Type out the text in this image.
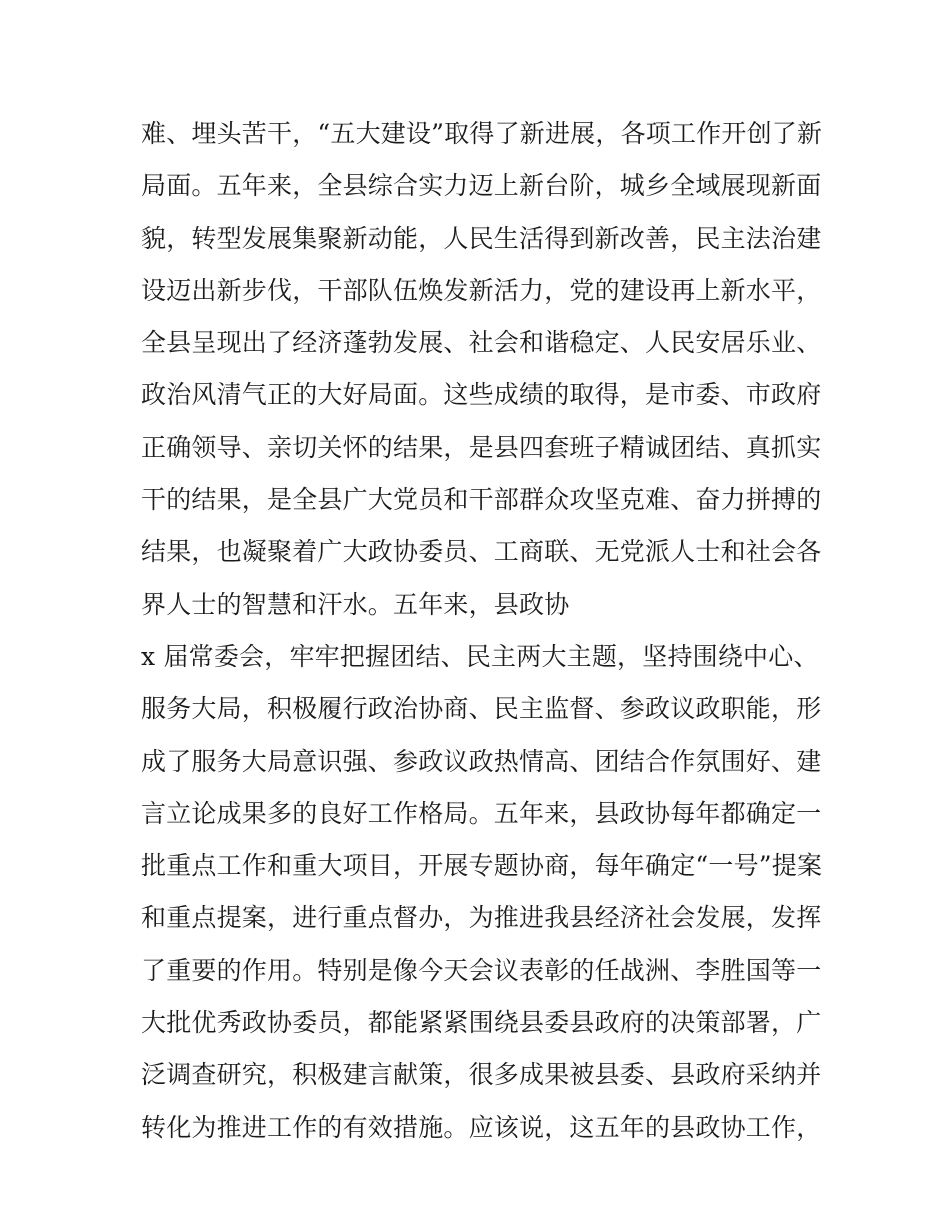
难、埋头苦干，“五大建设”取得了新进展，各项工作开创了新
局面。五年来，全县综合实力迈上新台阶，城乡全域展现新面
貌，转型发展集聚新动能，人民生活得到新改善，民主法治建
设迈出新步伐，干部队伍焕发新活力，党的建设再上新水平，
全县呈现出了经济蓬勃发展、社会和谐稳定、人民安居乐业、
政治风清气正的大好局面。这些成绩的取得，是市委、市政府
正确领导、亲切关怀的结果，是县四套班子精诚团结、真抓实
干的结果，是全县广大党员和干部群众攻坚克难、奋力拼搏的
结果，也凝聚着广大政协委员、工商联、无党派人士和社会各
界人士的智慧和汗水。五年来，县政协
x 届常委会，牢牢把握团结、民主两大主题，坚持围绕中心、
服务大局，积极履行政治协商、民主监督、参政议政职能，形
成了服务大局意识强、参政议政热情高、团结合作氛围好、建
言立论成果多的良好工作格局。五年来，县政协每年都确定一
批重点工作和重大项目，开展专题协商，每年确定“一号”提案
和重点提案，进行重点督办，为推进我县经济社会发展，发挥
了重要的作用。特别是像今天会议表彰的任战洲、李胜国等一
大批优秀政协委员，都能紧紧围绕县委县政府的决策部署，广
泛调查研究，积极建言献策，很多成果被县委、县政府采纳并
转化为推进工作的有效措施。应该说，这五年的县政协工作，
